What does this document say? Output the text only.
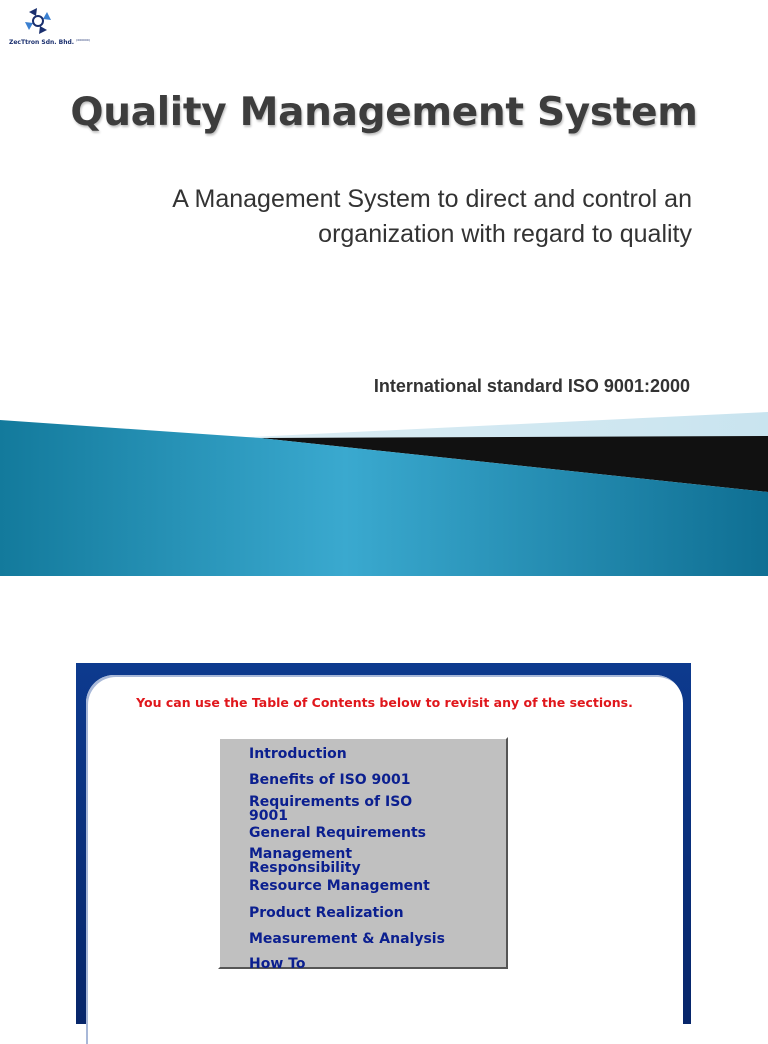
ZecTtron Sdn. Bhd. $^{(000000)}$
Quality Management System
A Management System to direct and control an
organization with regard to quality
International standard ISO 9001:2000
You can use the Table of Contents below to revisit any of the sections.
Introduction
Benefits of ISO 9001
Requirements of ISO 9001
General Requirements
Management Responsibility
Resource Management
Product Realization
Measurement & Analysis
How To
